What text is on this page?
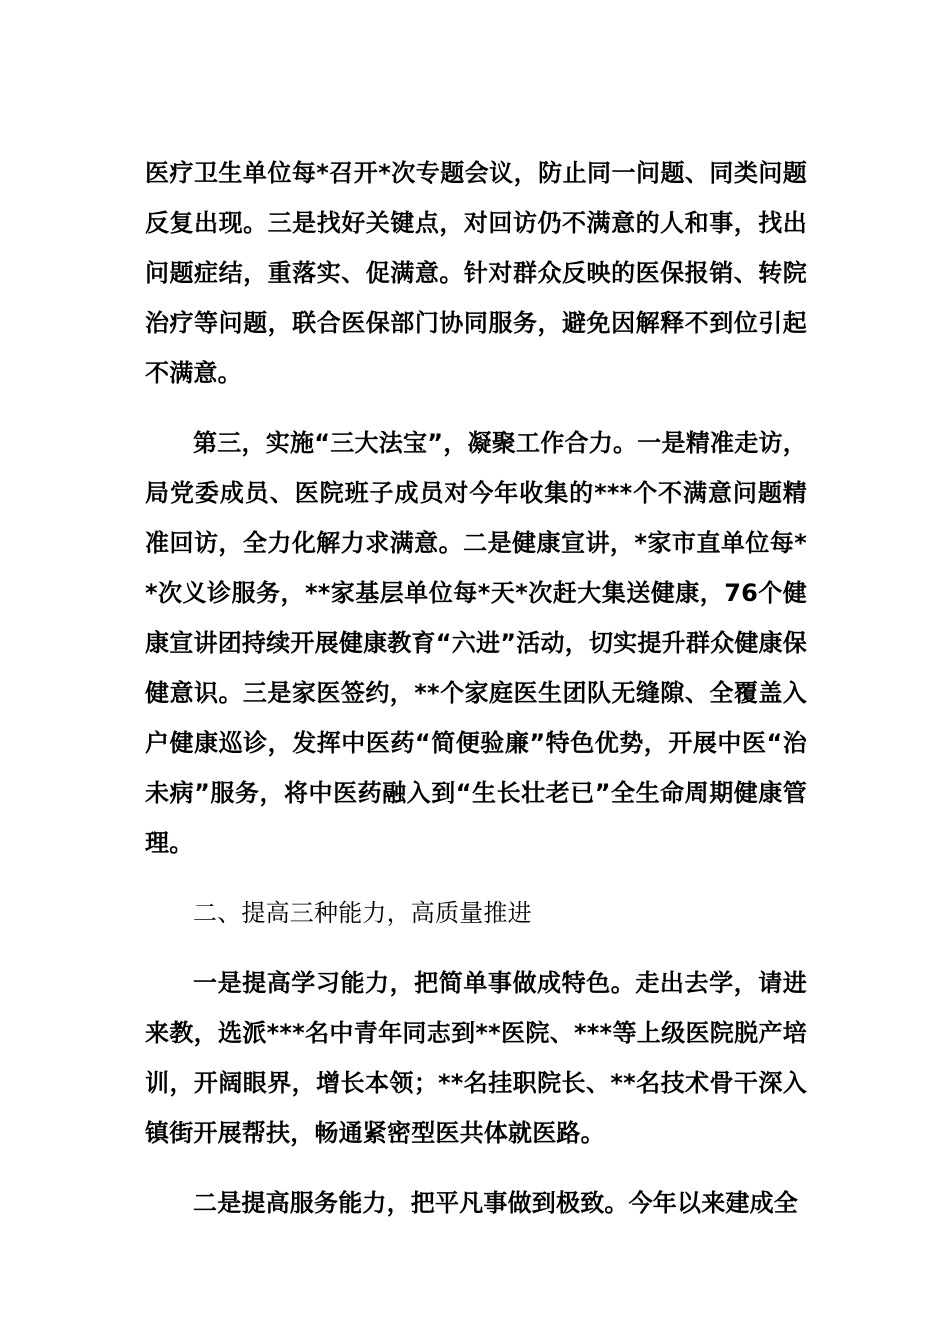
医疗卫生单位每*召开*次专题会议，防止同一问题、同类问题反复出现。三是找好关键点，对回访仍不满意的人和事，找出问题症结，重落实、促满意。针对群众反映的医保报销、转院治疗等问题，联合医保部门协同服务，避免因解释不到位引起不满意。

第三，实施“三大法宝”，凝聚工作合力。一是精准走访，局党委成员、医院班子成员对今年收集的***个不满意问题精准回访，全力化解力求满意。二是健康宣讲，*家市直单位每**次义诊服务，**家基层单位每*天*次赶大集送健康，76个健康宣讲团持续开展健康教育“六进”活动，切实提升群众健康保健意识。三是家医签约，**个家庭医生团队无缝隙、全覆盖入户健康巡诊，发挥中医药“简便验廉”特色优势，开展中医“治未病”服务，将中医药融入到“生长壮老已”全生命周期健康管理。

二、提高三种能力，高质量推进

一是提高学习能力，把简单事做成特色。走出去学，请进来教，选派***名中青年同志到**医院、***等上级医院脱产培训，开阔眼界，增长本领；**名挂职院长、**名技术骨干深入镇街开展帮扶，畅通紧密型医共体就医路。

二是提高服务能力，把平凡事做到极致。今年以来建成全
